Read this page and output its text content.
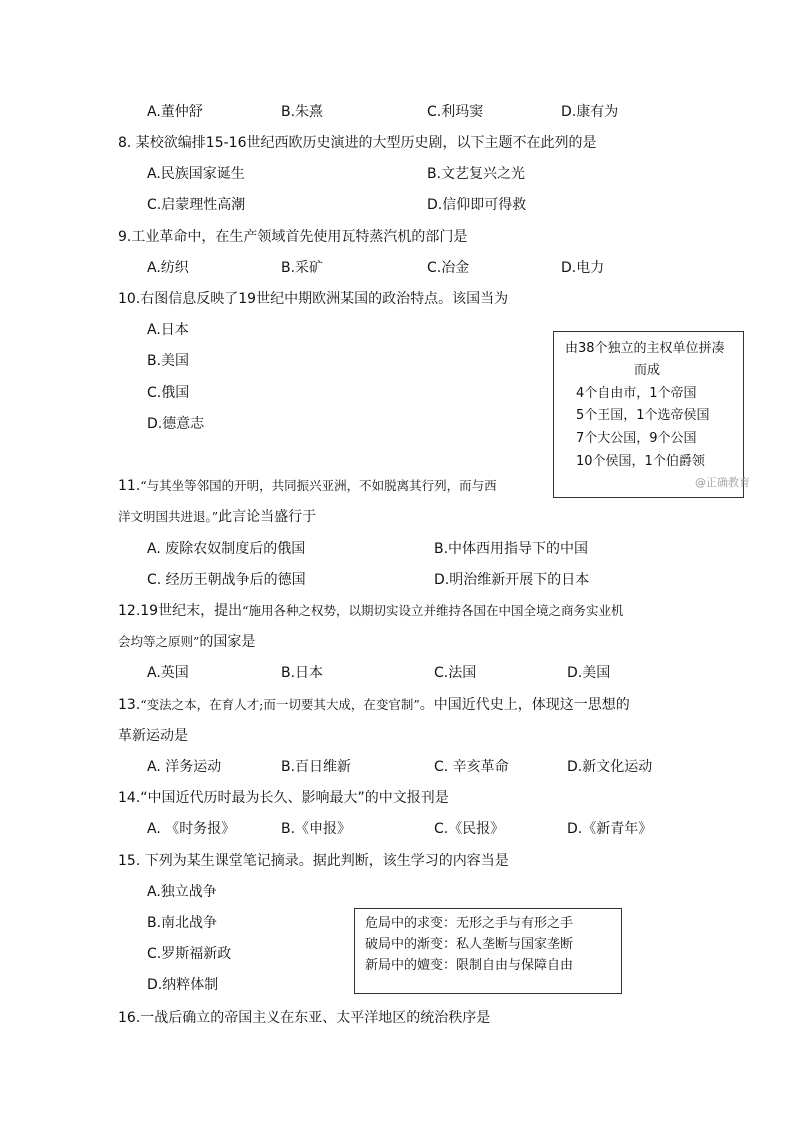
A.董仲舒	B.朱熹	C.利玛窦	D.康有为
8. 某校欲编排15-16世纪西欧历史演进的大型历史剧，以下主题不在此列的是
A.民族国家诞生	B.文艺复兴之光
C.启蒙理性高潮	D.信仰即可得救
9.工业革命中，在生产领域首先使用瓦特蒸汽机的部门是
A.纺织	B.采矿	C.冶金	D.电力
10.右图信息反映了19世纪中期欧洲某国的政治特点。该国当为
A.日本
B.美国
C.俄国
D.德意志
由38个独立的主权单位拼凑
而成
4个自由市，1个帝国
5个王国，1个选帝侯国
7个大公国，9个公国
10个侯国，1个伯爵领
@正确教育
11.“与其坐等邻国的开明，共同振兴亚洲，不如脱离其行列，而与西
洋文明国共进退。”此言论当盛行于
A. 废除农奴制度后的俄国	B.中体西用指导下的中国
C. 经历王朝战争后的德国	D.明治维新开展下的日本
12.19世纪末，提出“施用各种之权势，以期切实设立并维持各国在中国全境之商务实业机
会均等之原则”的国家是
A.英国	B.日本	C.法国	D.美国
13.“变法之本，在育人才;而一切要其大成，在变官制”。中国近代史上，体现这一思想的
革新运动是
A. 洋务运动	B.百日维新	C. 辛亥革命	D.新文化运动
14.“中国近代历时最为长久、影响最大”的中文报刊是
A. 《时务报》	B.《申报》	C.《民报》	D.《新青年》
15. 下列为某生课堂笔记摘录。据此判断，该生学习的内容当是
A.独立战争
B.南北战争
C.罗斯福新政
D.纳粹体制
危局中的求变：无形之手与有形之手
破局中的渐变：私人垄断与国家垄断
新局中的嬗变：限制自由与保障自由
16.一战后确立的帝国主义在东亚、太平洋地区的统治秩序是
